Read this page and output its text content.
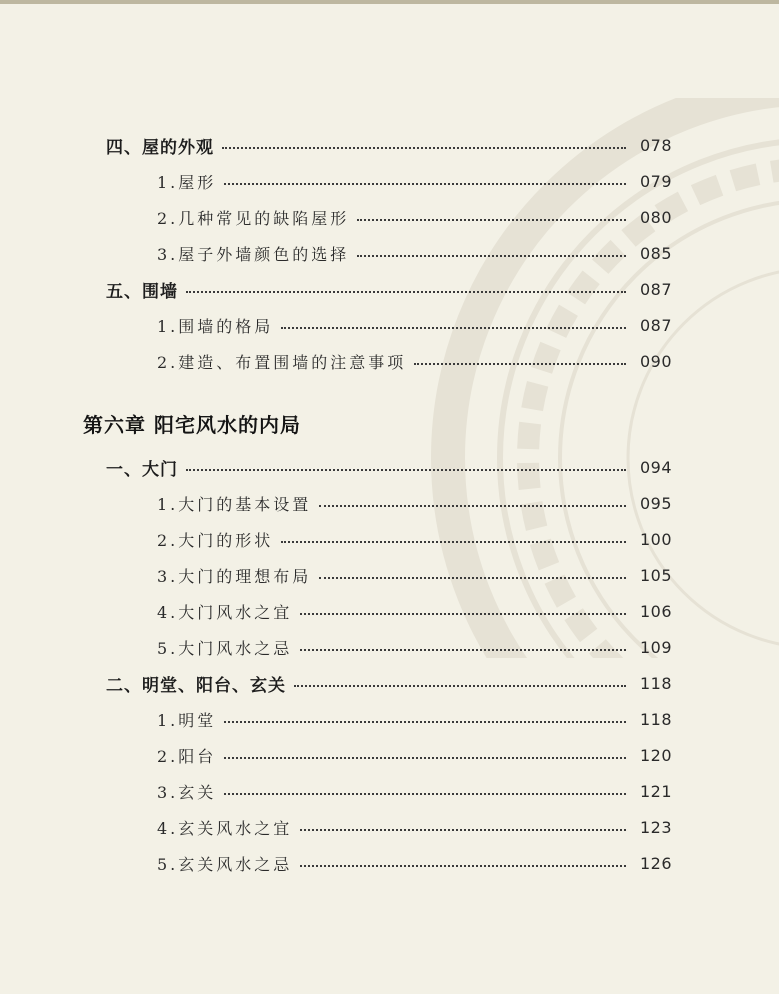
四、屋的外观	078
1.屋形	079
2.几种常见的缺陷屋形	080
3.屋子外墙颜色的选择	085
五、围墙	087
1.围墙的格局	087
2.建造、布置围墙的注意事项	090
第六章 阳宅风水的内局
一、大门	094
1.大门的基本设置	095
2.大门的形状	100
3.大门的理想布局	105
4.大门风水之宜	106
5.大门风水之忌	109
二、明堂、阳台、玄关	118
1.明堂	118
2.阳台	120
3.玄关	121
4.玄关风水之宜	123
5.玄关风水之忌	126
